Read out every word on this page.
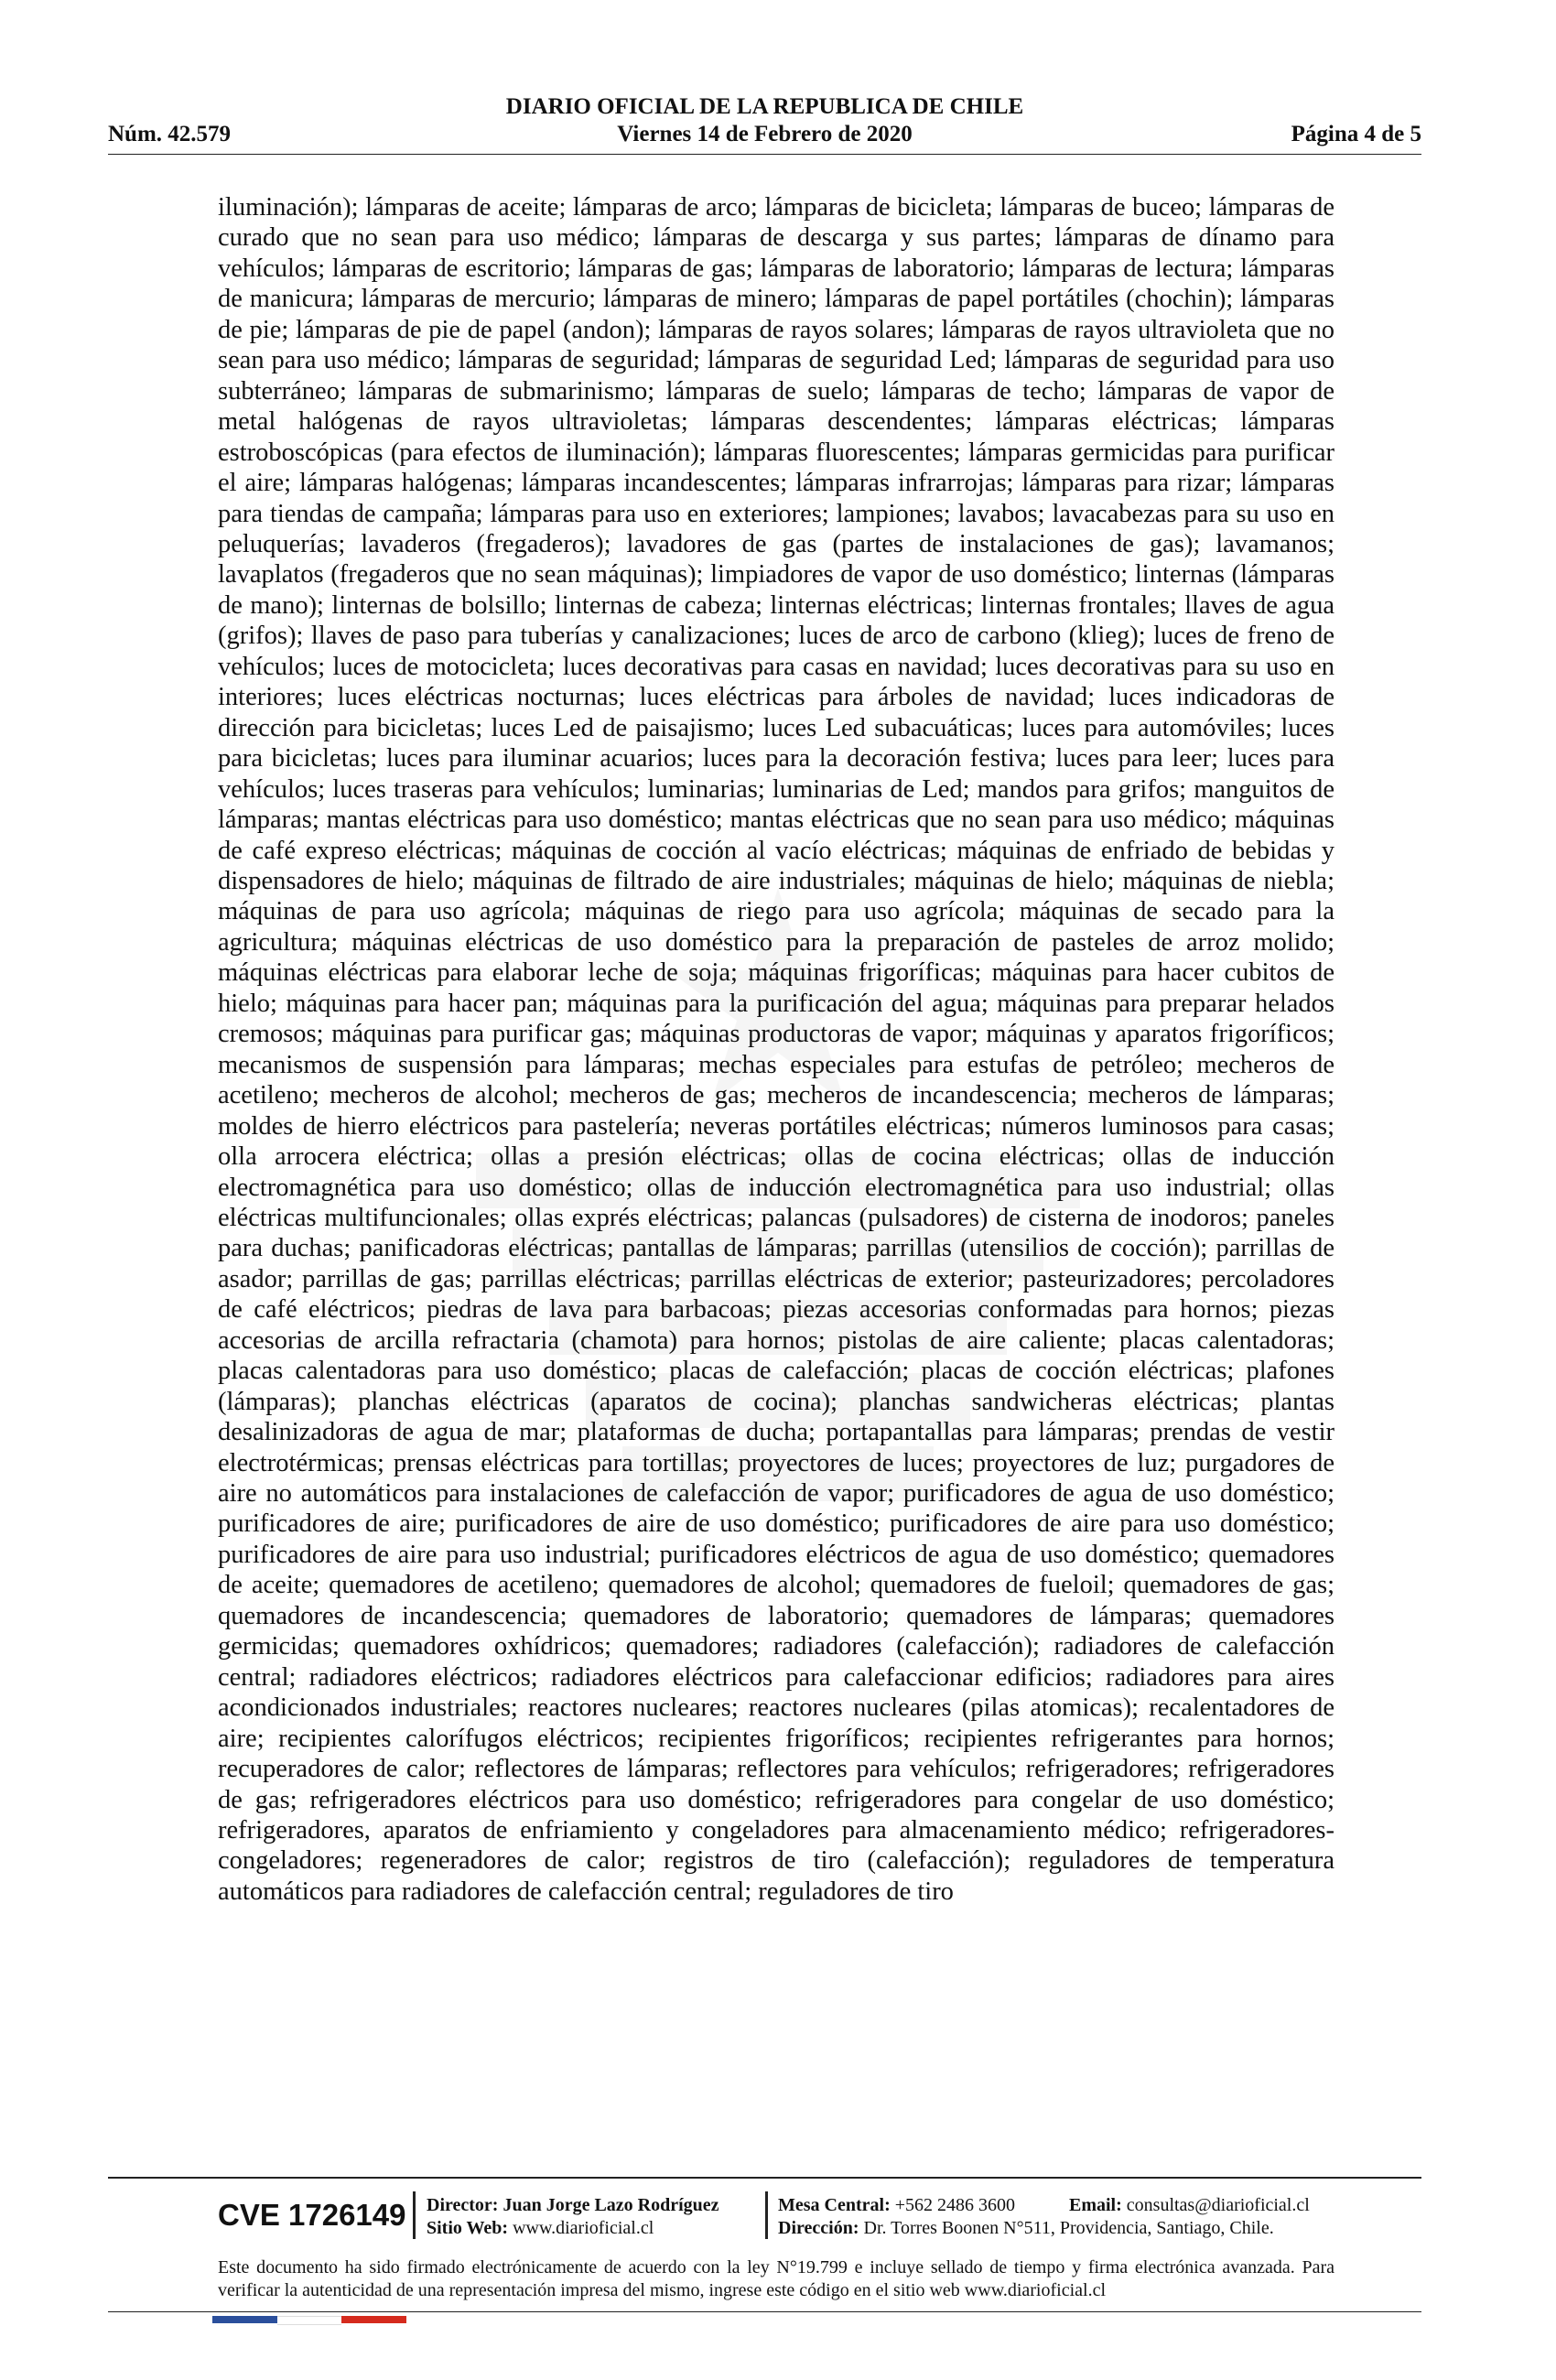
DIARIO OFICIAL DE LA REPUBLICA DE CHILE
Núm. 42.579	Viernes 14 de Febrero de 2020	Página 4 de 5
iluminación); lámparas de aceite; lámparas de arco; lámparas de bicicleta; lámparas de buceo; lámparas de curado que no sean para uso médico; lámparas de descarga y sus partes; lámparas de dínamo para vehículos; lámparas de escritorio; lámparas de gas; lámparas de laboratorio; lámparas de lectura; lámparas de manicura; lámparas de mercurio; lámparas de minero; lámparas de papel portátiles (chochin); lámparas de pie; lámparas de pie de papel (andon); lámparas de rayos solares; lámparas de rayos ultravioleta que no sean para uso médico; lámparas de seguridad; lámparas de seguridad Led; lámparas de seguridad para uso subterráneo; lámparas de submarinismo; lámparas de suelo; lámparas de techo; lámparas de vapor de metal halógenas de rayos ultravioletas; lámparas descendentes; lámparas eléctricas; lámparas estroboscópicas (para efectos de iluminación); lámparas fluorescentes; lámparas germicidas para purificar el aire; lámparas halógenas; lámparas incandescentes; lámparas infrarrojas; lámparas para rizar; lámparas para tiendas de campaña; lámparas para uso en exteriores; lampiones; lavabos; lavacabezas para su uso en peluquerías; lavaderos (fregaderos); lavadores de gas (partes de instalaciones de gas); lavamanos; lavaplatos (fregaderos que no sean máquinas); limpiadores de vapor de uso doméstico; linternas (lámparas de mano); linternas de bolsillo; linternas de cabeza; linternas eléctricas; linternas frontales; llaves de agua (grifos); llaves de paso para tuberías y canalizaciones; luces de arco de carbono (klieg); luces de freno de vehículos; luces de motocicleta; luces decorativas para casas en navidad; luces decorativas para su uso en interiores; luces eléctricas nocturnas; luces eléctricas para árboles de navidad; luces indicadoras de dirección para bicicletas; luces Led de paisajismo; luces Led subacuáticas; luces para automóviles; luces para bicicletas; luces para iluminar acuarios; luces para la decoración festiva; luces para leer; luces para vehículos; luces traseras para vehículos; luminarias; luminarias de Led; mandos para grifos; manguitos de lámparas; mantas eléctricas para uso doméstico; mantas eléctricas que no sean para uso médico; máquinas de café expreso eléctricas; máquinas de cocción al vacío eléctricas; máquinas de enfriado de bebidas y dispensadores de hielo; máquinas de filtrado de aire industriales; máquinas de hielo; máquinas de niebla; máquinas de para uso agrícola; máquinas de riego para uso agrícola; máquinas de secado para la agricultura; máquinas eléctricas de uso doméstico para la preparación de pasteles de arroz molido; máquinas eléctricas para elaborar leche de soja; máquinas frigoríficas; máquinas para hacer cubitos de hielo; máquinas para hacer pan; máquinas para la purificación del agua; máquinas para preparar helados cremosos; máquinas para purificar gas; máquinas productoras de vapor; máquinas y aparatos frigoríficos; mecanismos de suspensión para lámparas; mechas especiales para estufas de petróleo; mecheros de acetileno; mecheros de alcohol; mecheros de gas; mecheros de incandescencia; mecheros de lámparas; moldes de hierro eléctricos para pastelería; neveras portátiles eléctricas; números luminosos para casas; olla arrocera eléctrica; ollas a presión eléctricas; ollas de cocina eléctricas; ollas de inducción electromagnética para uso doméstico; ollas de inducción electromagnética para uso industrial; ollas eléctricas multifuncionales; ollas exprés eléctricas; palancas (pulsadores) de cisterna de inodoros; paneles para duchas; panificadoras eléctricas; pantallas de lámparas; parrillas (utensilios de cocción); parrillas de asador; parrillas de gas; parrillas eléctricas; parrillas eléctricas de exterior; pasteurizadores; percoladores de café eléctricos; piedras de lava para barbacoas; piezas accesorias conformadas para hornos; piezas accesorias de arcilla refractaria (chamota) para hornos; pistolas de aire caliente; placas calentadoras; placas calentadoras para uso doméstico; placas de calefacción; placas de cocción eléctricas; plafones (lámparas); planchas eléctricas (aparatos de cocina); planchas sandwicheras eléctricas; plantas desalinizadoras de agua de mar; plataformas de ducha; portapantallas para lámparas; prendas de vestir electrotérmicas; prensas eléctricas para tortillas; proyectores de luces; proyectores de luz; purgadores de aire no automáticos para instalaciones de calefacción de vapor; purificadores de agua de uso doméstico; purificadores de aire; purificadores de aire de uso doméstico; purificadores de aire para uso doméstico; purificadores de aire para uso industrial; purificadores eléctricos de agua de uso doméstico; quemadores de aceite; quemadores de acetileno; quemadores de alcohol; quemadores de fueloil; quemadores de gas; quemadores de incandescencia; quemadores de laboratorio; quemadores de lámparas; quemadores germicidas; quemadores oxhídricos; quemadores; radiadores (calefacción); radiadores de calefacción central; radiadores eléctricos; radiadores eléctricos para calefaccionar edificios; radiadores para aires acondicionados industriales; reactores nucleares; reactores nucleares (pilas atomicas); recalentadores de aire; recipientes calorífugos eléctricos; recipientes frigoríficos; recipientes refrigerantes para hornos; recuperadores de calor; reflectores de lámparas; reflectores para vehículos; refrigeradores; refrigeradores de gas; refrigeradores eléctricos para uso doméstico; refrigeradores para congelar de uso doméstico; refrigeradores, aparatos de enfriamiento y congeladores para almacenamiento médico; refrigeradores-congeladores; regeneradores de calor; registros de tiro (calefacción); reguladores de temperatura automáticos para radiadores de calefacción central; reguladores de tiro
CVE 1726149 Director: Juan Jorge Lazo Rodríguez
Sitio Web: www.diarioficial.cl
Mesa Central: +562 2486 3600
Dirección: Dr. Torres Boonen N°511, Providencia, Santiago, Chile.
Email: consultas@diarioficial.cl
Este documento ha sido firmado electrónicamente de acuerdo con la ley N°19.799 e incluye sellado de tiempo y firma electrónica avanzada. Para verificar la autenticidad de una representación impresa del mismo, ingrese este código en el sitio web www.diarioficial.cl
